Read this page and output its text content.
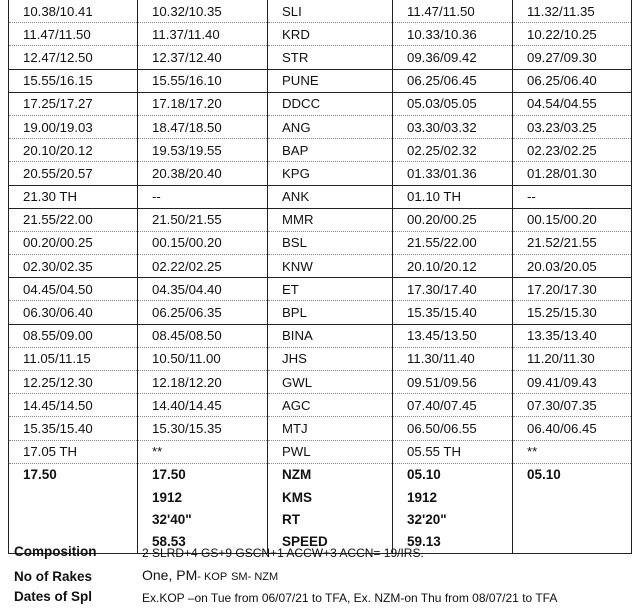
10.38/10.41	10.32/10.35	SLI	11.47/11.50	11.32/11.35
11.47/11.50	11.37/11.40	KRD	10.33/10.36	10.22/10.25
12.47/12.50	12.37/12.40	STR	09.36/09.42	09.27/09.30
15.55/16.15	15.55/16.10	PUNE	06.25/06.45	06.25/06.40
17.25/17.27	17.18/17.20	DDCC	05.03/05.05	04.54/04.55
19.00/19.03	18.47/18.50	ANG	03.30/03.32	03.23/03.25
20.10/20.12	19.53/19.55	BAP	02.25/02.32	02.23/02.25
20.55/20.57	20.38/20.40	KPG	01.33/01.36	01.28/01.30
21.30 TH	--	ANK	01.10 TH	--
21.55/22.00	21.50/21.55	MMR	00.20/00.25	00.15/00.20
00.20/00.25	00.15/00.20	BSL	21.55/22.00	21.52/21.55
02.30/02.35	02.22/02.25	KNW	20.10/20.12	20.03/20.05
04.45/04.50	04.35/04.40	ET	17.30/17.40	17.20/17.30
06.30/06.40	06.25/06.35	BPL	15.35/15.40	15.25/15.30
08.55/09.00	08.45/08.50	BINA	13.45/13.50	13.35/13.40
11.05/11.15	10.50/11.00	JHS	11.30/11.40	11.20/11.30
12.25/12.30	12.18/12.20	GWL	09.51/09.56	09.41/09.43
14.45/14.50	14.40/14.45	AGC	07.40/07.45	07.30/07.35
15.35/15.40	15.30/15.35	MTJ	06.50/06.55	06.40/06.45
17.05 TH	**	PWL	05.55 TH	**
17.50	17.50	NZM	05.10	05.10
	1912	KMS	1912	
	32'40"	RT	32'20"	
	58.53	SPEED	59.13	
Composition	2 SLRD+4 GS+9 GSCN+1 ACCW+3 ACCN= 19/IRS.
No of Rakes	One, PM- KOP SM- NZM
Dates of Spl	Ex.KOP –on Tue from 06/07/21 to TFA, Ex. NZM-on Thu from 08/07/21 to TFA
